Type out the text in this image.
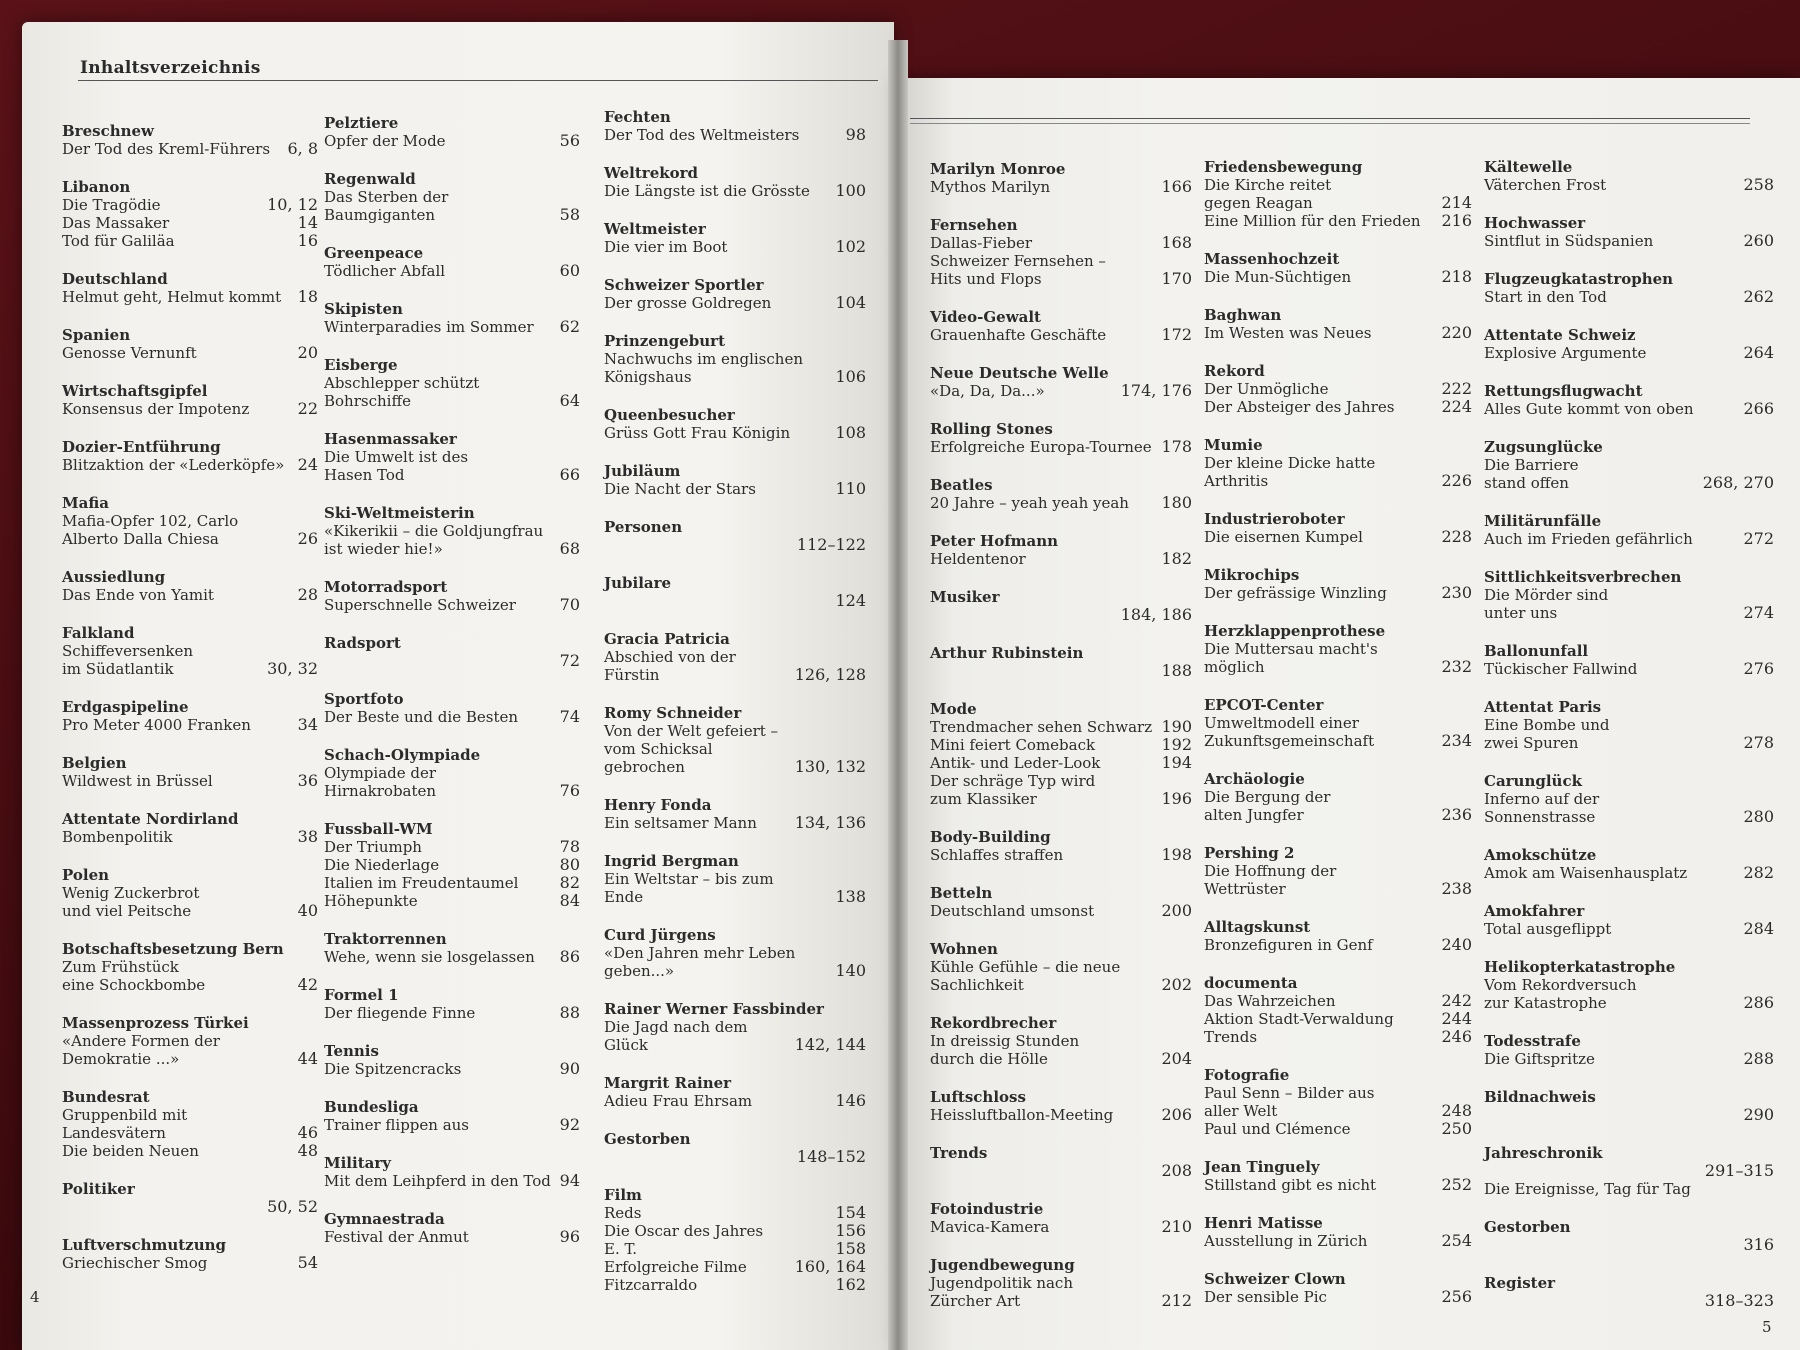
Inhaltsverzeichnis
Breschnew
Der Tod des Kreml-Führers	6, 8
Libanon
Die Tragödie	10, 12
Das Massaker	14
Tod für Galiläa	16
Deutschland
Helmut geht, Helmut kommt	18
Spanien
Genosse Vernunft	20
Wirtschaftsgipfel
Konsensus der Impotenz	22
Dozier-Entführung
Blitzaktion der «Lederköpfe» 24
Mafia
Mafia-Opfer 102, Carlo
Alberto Dalla Chiesa	26
Aussiedlung
Das Ende von Yamit	28
Falkland
Schiffeversenken
im Südatlantik	30, 32
Erdgaspipeline
Pro Meter 4000 Franken	34
Belgien
Wildwest in Brüssel	36
Attentate Nordirland
Bombenpolitik	38
Polen
Wenig Zuckerbrot
und viel Peitsche	40
Botschaftsbesetzung Bern
Zum Frühstück
eine Schockbombe	42
Massenprozess Türkei
«Andere Formen der
Demokratie ...»	44
Bundesrat
Gruppenbild mit
Landesvätern	46
Die beiden Neuen	48
Politiker
50, 52
Luftverschmutzung
Griechischer Smog	54
Pelztiere
Opfer der Mode	56
Regenwald
Das Sterben der
Baumgiganten	58
Greenpeace
Tödlicher Abfall	60
Skipisten
Winterparadies im Sommer	62
Eisberge
Abschlepper schützt
Bohrschiffe	64
Hasenmassaker
Die Umwelt ist des
Hasen Tod	66
Ski-Weltmeisterin
«Kikerikii – die Goldjungfrau
ist wieder hie!»	68
Motorradsport
Superschnelle Schweizer	70
Radsport
72
Sportfoto
Der Beste und die Besten	74
Schach-Olympiade
Olympiade der
Hirnakrobaten	76
Fussball-WM
Der Triumph	78
Die Niederlage	80
Italien im Freudentaumel	82
Höhepunkte	84
Traktorrennen
Wehe, wenn sie losgelassen	86
Formel 1
Der fliegende Finne	88
Tennis
Die Spitzencracks	90
Bundesliga
Trainer flippen aus	92
Military
Mit dem Leihpferd in den Tod 94
Gymnaestrada
Festival der Anmut	96
Fechten
Der Tod des Weltmeisters	98
Weltrekord
Die Längste ist die Grösste	100
Weltmeister
Die vier im Boot	102
Schweizer Sportler
Der grosse Goldregen	104
Prinzengeburt
Nachwuchs im englischen
Königshaus	106
Queenbesucher
Grüss Gott Frau Königin	108
Jubiläum
Die Nacht der Stars	110
Personen
112–122
Jubilare
124
Gracia Patricia
Abschied von der
Fürstin	126, 128
Romy Schneider
Von der Welt gefeiert –
vom Schicksal
gebrochen	130, 132
Henry Fonda
Ein seltsamer Mann	134, 136
Ingrid Bergman
Ein Weltstar – bis zum
Ende	138
Curd Jürgens
«Den Jahren mehr Leben
geben...»	140
Rainer Werner Fassbinder
Die Jagd nach dem
Glück	142, 144
Margrit Rainer
Adieu Frau Ehrsam	146
Gestorben
148–152
Film
Reds	154
Die Oscar des Jahres	156
E. T.	158
Erfolgreiche Filme	160, 164
Fitzcarraldo	162
Marilyn Monroe
Mythos Marilyn	166
Fernsehen
Dallas-Fieber	168
Schweizer Fernsehen –
Hits und Flops	170
Video-Gewalt
Grauenhafte Geschäfte	172
Neue Deutsche Welle
«Da, Da, Da...»	174, 176
Rolling Stones
Erfolgreiche Europa-Tournee 178
Beatles
20 Jahre – yeah yeah yeah	180
Peter Hofmann
Heldentenor	182
Musiker
184, 186
Arthur Rubinstein
188
Mode
Trendmacher sehen Schwarz 190
Mini feiert Comeback	192
Antik- und Leder-Look	194
Der schräge Typ wird
zum Klassiker	196
Body-Building
Schlaffes straffen	198
Betteln
Deutschland umsonst	200
Wohnen
Kühle Gefühle – die neue
Sachlichkeit	202
Rekordbrecher
In dreissig Stunden
durch die Hölle	204
Luftschloss
Heissluftballon-Meeting	206
Trends
208
Fotoindustrie
Mavica-Kamera	210
Jugendbewegung
Jugendpolitik nach
Zürcher Art	212
Friedensbewegung
Die Kirche reitet
gegen Reagan	214
Eine Million für den Frieden	216
Massenhochzeit
Die Mun-Süchtigen	218
Baghwan
Im Westen was Neues	220
Rekord
Der Unmögliche	222
Der Absteiger des Jahres	224
Mumie
Der kleine Dicke hatte
Arthritis	226
Industrieroboter
Die eisernen Kumpel	228
Mikrochips
Der gefrässige Winzling	230
Herzklappenprothese
Die Muttersau macht's
möglich	232
EPCOT-Center
Umweltmodell einer
Zukunftsgemeinschaft	234
Archäologie
Die Bergung der
alten Jungfer	236
Pershing 2
Die Hoffnung der
Wettrüster	238
Alltagskunst
Bronzefiguren in Genf	240
documenta
Das Wahrzeichen	242
Aktion Stadt-Verwaldung	244
Trends	246
Fotografie
Paul Senn – Bilder aus
aller Welt	248
Paul und Clémence	250
Jean Tinguely
Stillstand gibt es nicht	252
Henri Matisse
Ausstellung in Zürich	254
Schweizer Clown
Der sensible Pic	256
Kältewelle
Väterchen Frost	258
Hochwasser
Sintflut in Südspanien	260
Flugzeugkatastrophen
Start in den Tod	262
Attentate Schweiz
Explosive Argumente	264
Rettungsflugwacht
Alles Gute kommt von oben	266
Zugsunglücke
Die Barriere
stand offen	268, 270
Militärunfälle
Auch im Frieden gefährlich	272
Sittlichkeitsverbrechen
Die Mörder sind
unter uns	274
Ballonunfall
Tückischer Fallwind	276
Attentat Paris
Eine Bombe und
zwei Spuren	278
Carunglück
Inferno auf der
Sonnenstrasse	280
Amokschütze
Amok am Waisenhausplatz	282
Amokfahrer
Total ausgeflippt	284
Helikopterkatastrophe
Vom Rekordversuch
zur Katastrophe	286
Todesstrafe
Die Giftspritze	288
Bildnachweis
290
Jahreschronik
291–315
Die Ereignisse, Tag für Tag
Gestorben
316
Register
318–323
4
5
